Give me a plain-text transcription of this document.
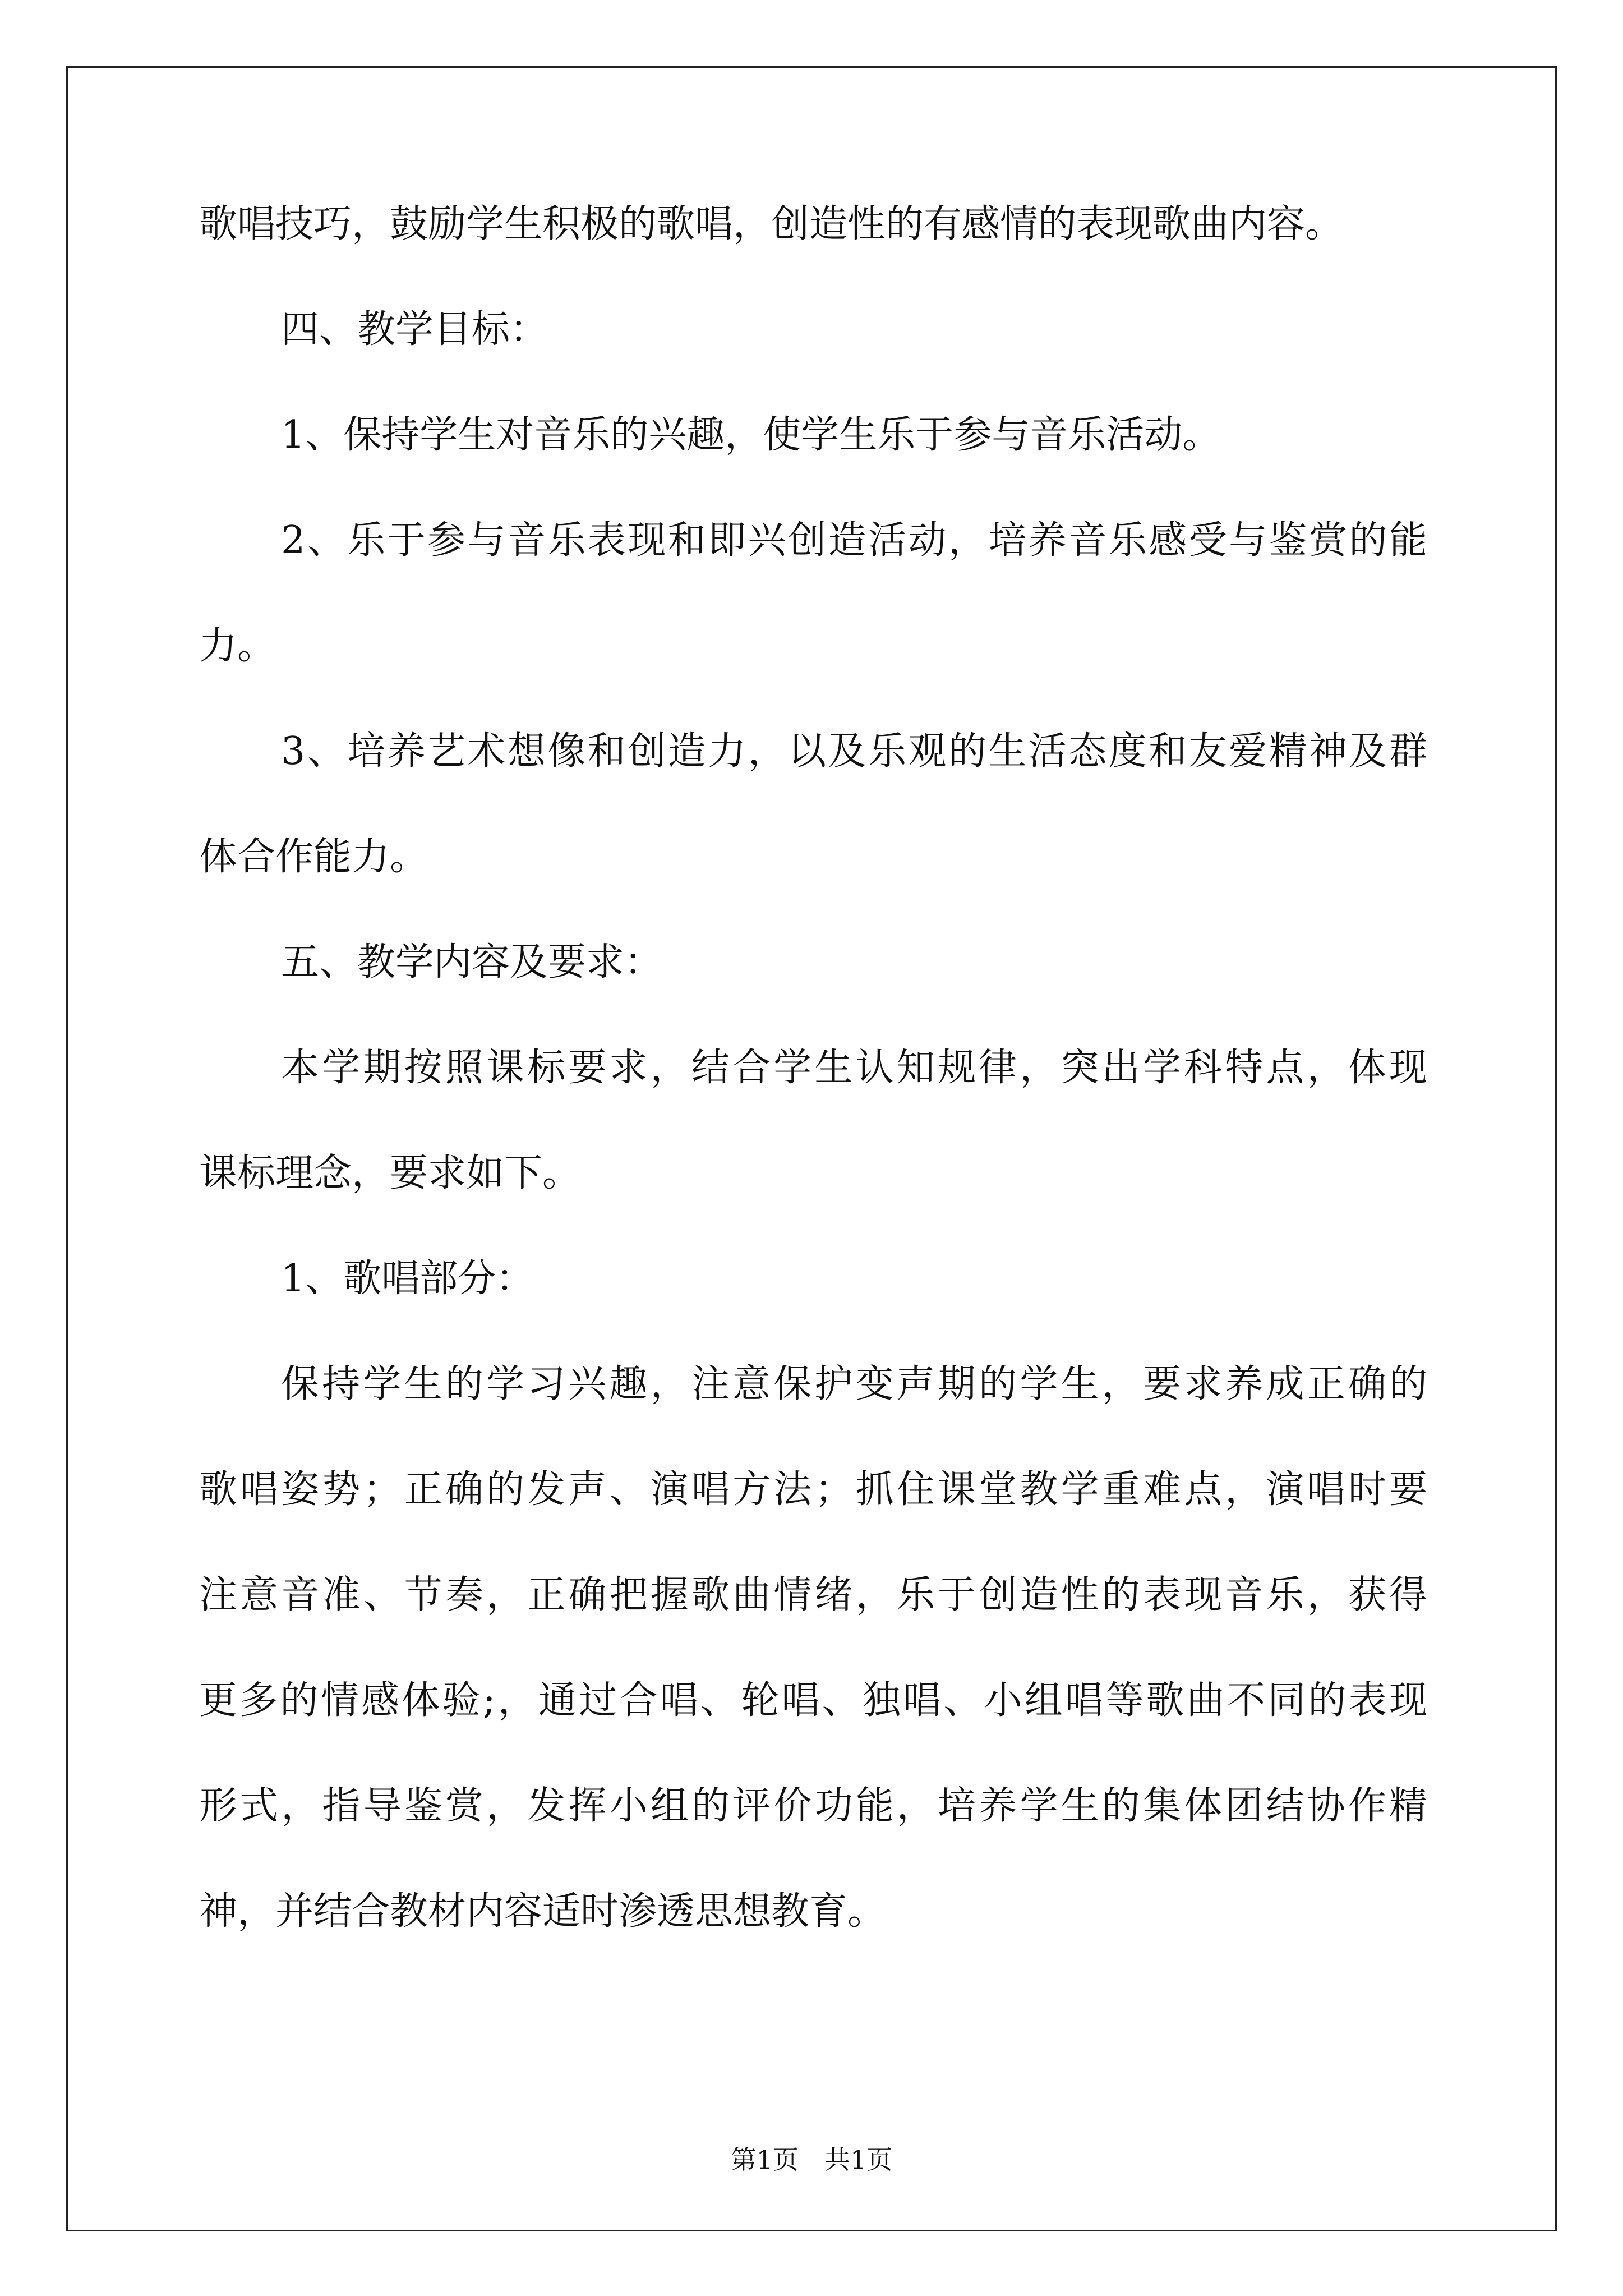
歌唱技巧，鼓励学生积极的歌唱，创造性的有感情的表现歌曲内容。
四、教学目标：
1、保持学生对音乐的兴趣，使学生乐于参与音乐活动。
2、乐于参与音乐表现和即兴创造活动，培养音乐感受与鉴赏的能
力。
3、培养艺术想像和创造力，以及乐观的生活态度和友爱精神及群
体合作能力。
五、教学内容及要求：
本学期按照课标要求，结合学生认知规律，突出学科特点，体现
课标理念，要求如下。
1、歌唱部分：
保持学生的学习兴趣，注意保护变声期的学生，要求养成正确的
歌唱姿势；正确的发声、演唱方法；抓住课堂教学重难点，演唱时要
注意音准、节奏，正确把握歌曲情绪，乐于创造性的表现音乐，获得
更多的情感体验;，通过合唱、轮唱、独唱、小组唱等歌曲不同的表现
形式，指导鉴赏，发挥小组的评价功能，培养学生的集体团结协作精
神，并结合教材内容适时渗透思想教育。
第1页　共1页
